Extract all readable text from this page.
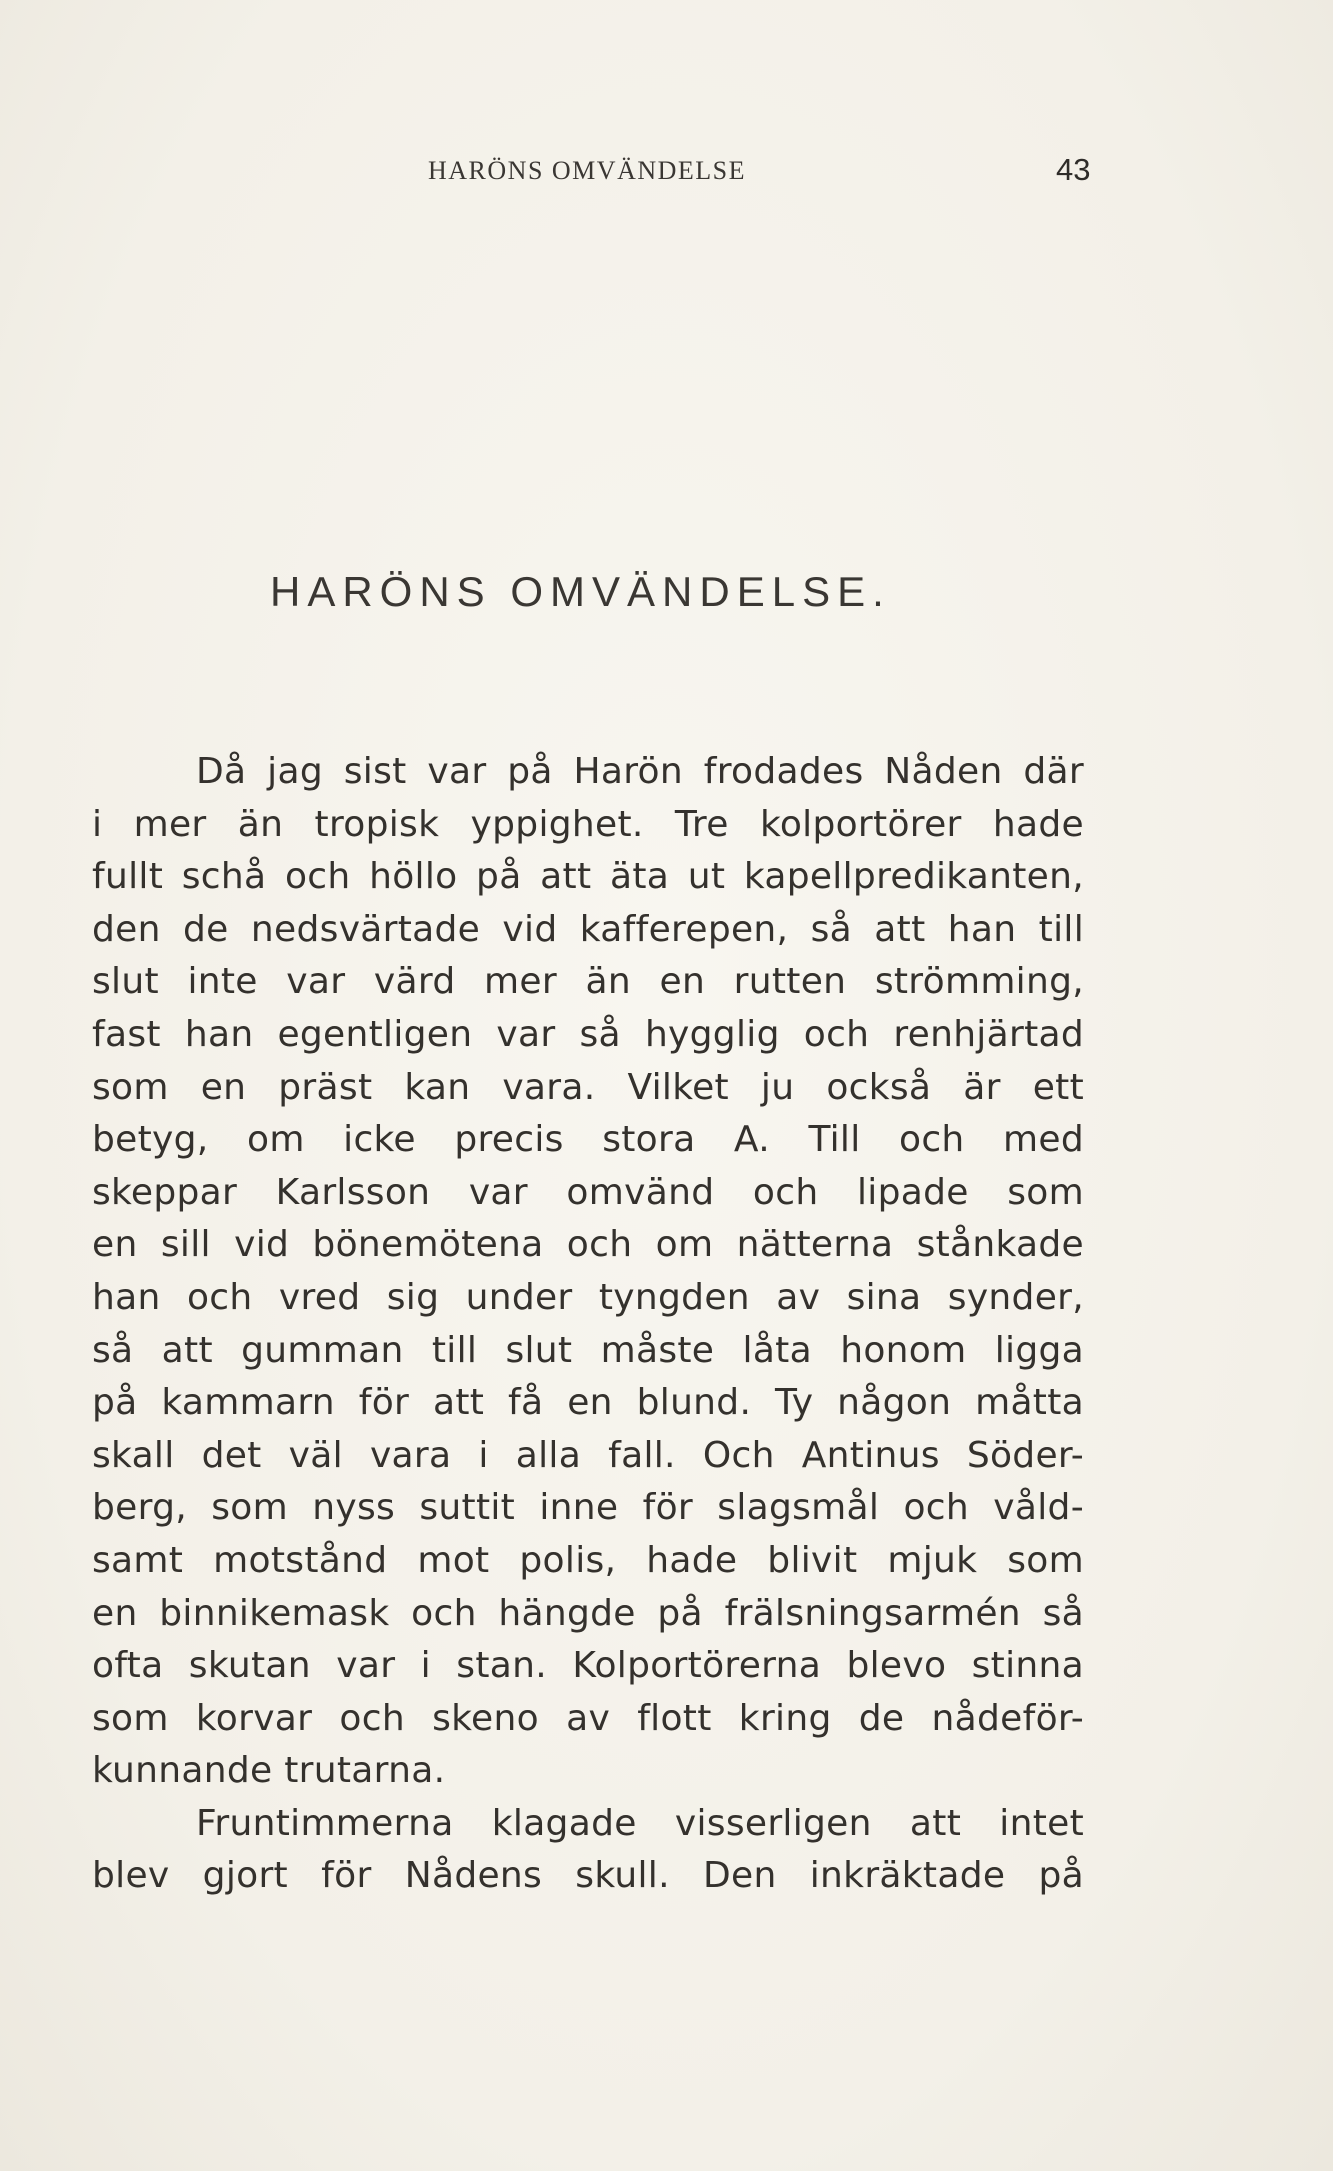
HARÖNS OMVÄNDELSE	43
HARÖNS OMVÄNDELSE.
Då jag sist var på Harön frodades Nåden där
i mer än tropisk yppighet. Tre kolportörer hade
fullt schå och höllo på att äta ut kapellpredikanten,
den de nedsvärtade vid kafferepen, så att han till
slut inte var värd mer än en rutten strömming,
fast han egentligen var så hygglig och renhjärtad
som en präst kan vara. Vilket ju också är ett
betyg, om icke precis stora A. Till och med
skeppar Karlsson var omvänd och lipade som
en sill vid bönemötena och om nätterna stånkade
han och vred sig under tyngden av sina synder,
så att gumman till slut måste låta honom ligga
på kammarn för att få en blund. Ty någon måtta
skall det väl vara i alla fall. Och Antinus Söder-
berg, som nyss suttit inne för slagsmål och våld-
samt motstånd mot polis, hade blivit mjuk som
en binnikemask och hängde på frälsningsarmén så
ofta skutan var i stan. Kolportörerna blevo stinna
som korvar och skeno av flott kring de nådeför-
kunnande trutarna.
Fruntimmerna klagade visserligen att intet
blev gjort för Nådens skull. Den inkräktade på
